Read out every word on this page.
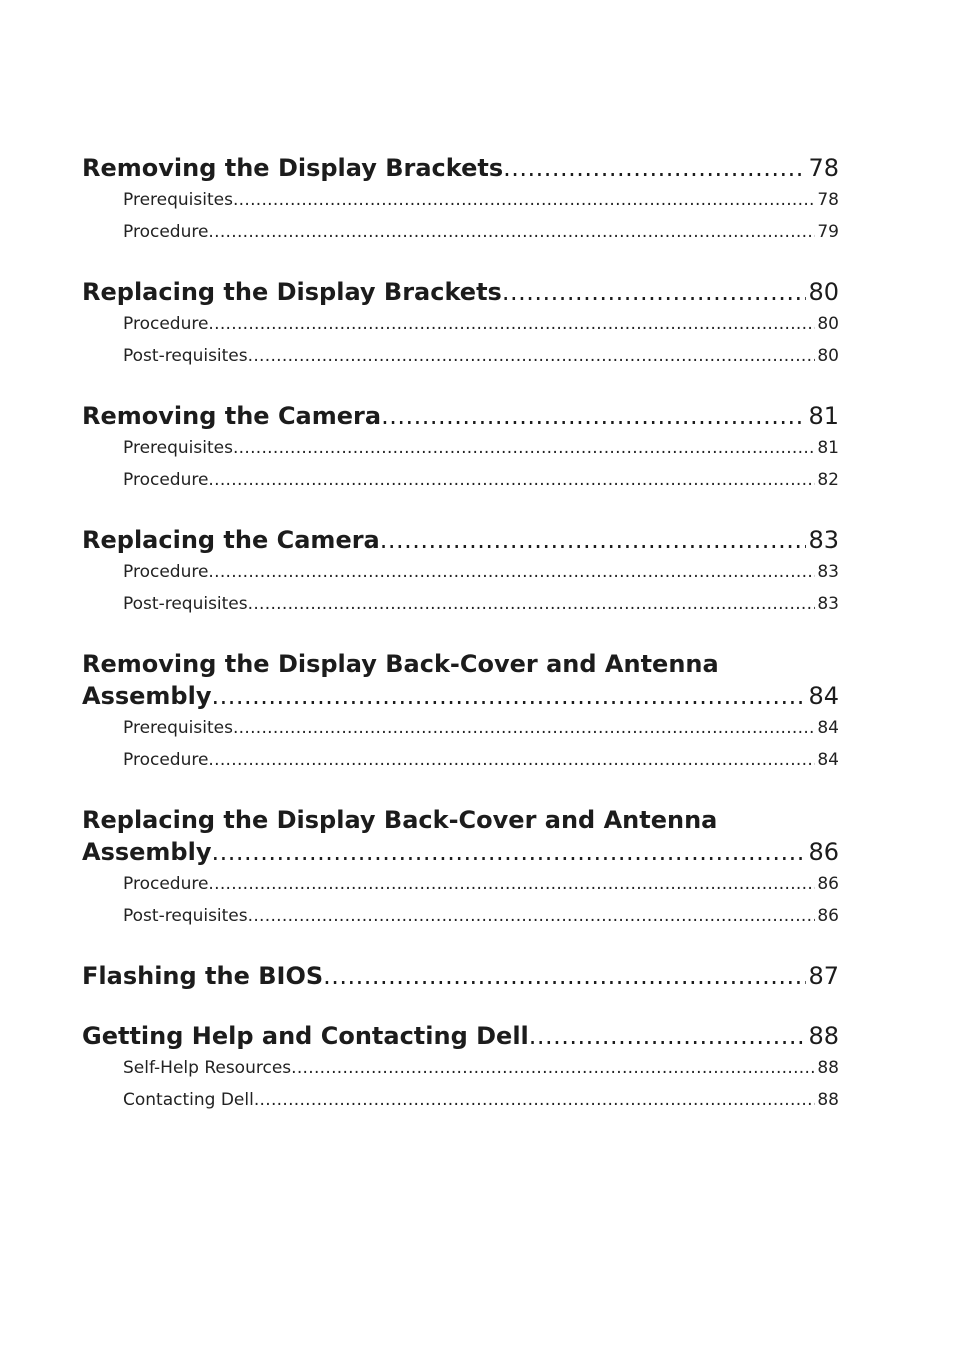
Removing the Display Brackets .....	78
Prerequisites .....	78
Procedure .....	79
Replacing the Display Brackets .....	80
Procedure .....	80
Post-requisites .....	80
Removing the Camera .....	81
Prerequisites .....	81
Procedure .....	82
Replacing the Camera .....	83
Procedure .....	83
Post-requisites .....	83
Removing the Display Back-Cover and Antenna
Assembly .....	84
Prerequisites .....	84
Procedure .....	84
Replacing the Display Back-Cover and Antenna
Assembly .....	86
Procedure .....	86
Post-requisites .....	86
Flashing the BIOS .....	87
Getting Help and Contacting Dell .....	88
Self-Help Resources .....	88
Contacting Dell .....	88
